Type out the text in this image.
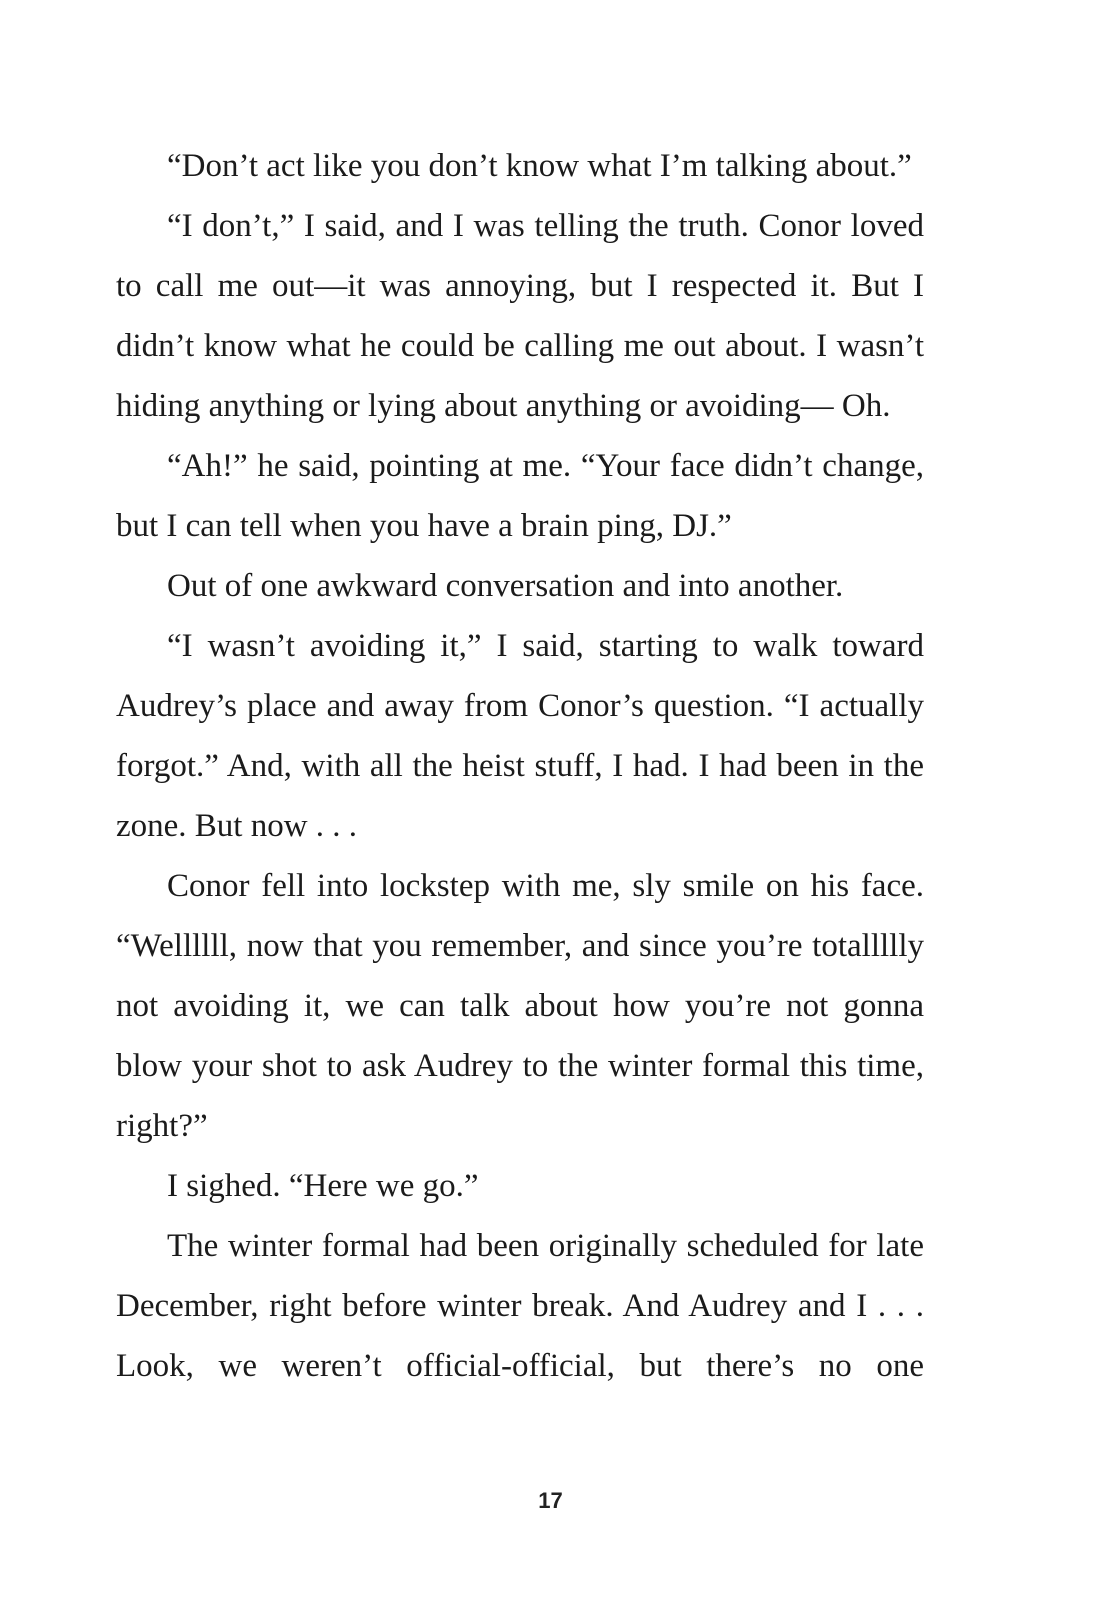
“Don’t act like you don’t know what I’m talking about.”

“I don’t,” I said, and I was telling the truth. Conor loved to call me out—it was annoying, but I respected it. But I didn’t know what he could be calling me out about. I wasn’t hiding anything or lying about anything or avoiding— Oh.

“Ah!” he said, pointing at me. “Your face didn’t change, but I can tell when you have a brain ping, DJ.”

Out of one awkward conversation and into another.

“I wasn’t avoiding it,” I said, starting to walk toward Audrey’s place and away from Conor’s question. “I actually forgot.” And, with all the heist stuff, I had. I had been in the zone. But now . . .

Conor fell into lockstep with me, sly smile on his face. “Wellllll, now that you remember, and since you’re totallllly not avoiding it, we can talk about how you’re not gonna blow your shot to ask Audrey to the winter formal this time, right?”

I sighed. “Here we go.”

The winter formal had been originally scheduled for late December, right before winter break. And Audrey and I . . . Look, we weren’t official-official, but there’s no one

17
